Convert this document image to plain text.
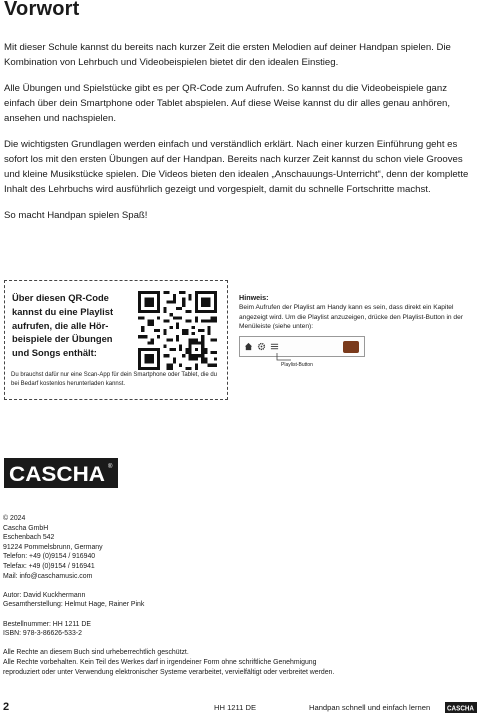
Vorwort

Mit dieser Schule kannst du bereits nach kurzer Zeit die ersten Melodien auf deiner Handpan spielen. Die Kombination von Lehrbuch und Videobeispielen bietet dir den idealen Einstieg.

Alle Übungen und Spielstücke gibt es per QR-Code zum Aufrufen. So kannst du die Videobeispiele ganz einfach über dein Smartphone oder Tablet abspielen. Auf diese Weise kannst du dir alles genau anhören, ansehen und nachspielen.

Die wichtigsten Grundlagen werden einfach und verständlich erklärt. Nach einer kurzen Einführung geht es sofort los mit den ersten Übungen auf der Handpan. Bereits nach kurzer Zeit kannst du schon viele Grooves und kleine Musikstücke spielen. Die Videos bieten den idealen „Anschauungs-Unterricht“, denn der komplette Inhalt des Lehrbuchs wird ausführlich gezeigt und vorgespielt, damit du schnelle Fortschritte machst.

So macht Handpan spielen Spaß!

Über diesen QR-Code kannst du eine Playlist aufrufen, die alle Hör-beispiele der Übungen und Songs enthält:
Du brauchst dafür nur eine Scan-App für dein Smartphone oder Tablet, die du bei Bedarf kostenlos herunterladen kannst.
Hinweis:
Beim Aufrufen der Playlist am Handy kann es sein, dass direkt ein Kapitel angezeigt wird. Um die Playlist anzuzeigen, drücke den Playlist-Button in der Menüleiste (siehe unten):
Playlist-Button
CASCHA ®
© 2024
Cascha GmbH
Eschenbach 542
91224 Pommelsbrunn, Germany
Telefon: +49 (0)9154 / 916940
Telefax: +49 (0)9154 / 916941
Mail: info@caschamusic.com
Autor: David Kuckhermann
Gesamtherstellung: Helmut Hage, Rainer Pink
Bestellnummer: HH 1211 DE
ISBN: 978-3-86626-533-2
Alle Rechte an diesem Buch sind urheberrechtlich geschützt.
Alle Rechte vorbehalten. Kein Teil des Werkes darf in irgendeiner Form ohne schriftliche Genehmigung
reproduziert oder unter Verwendung elektronischer Systeme verarbeitet, vervielfältigt oder verbreitet werden.
2	HH 1211 DE	Handpan schnell und einfach lernen CASCHA
